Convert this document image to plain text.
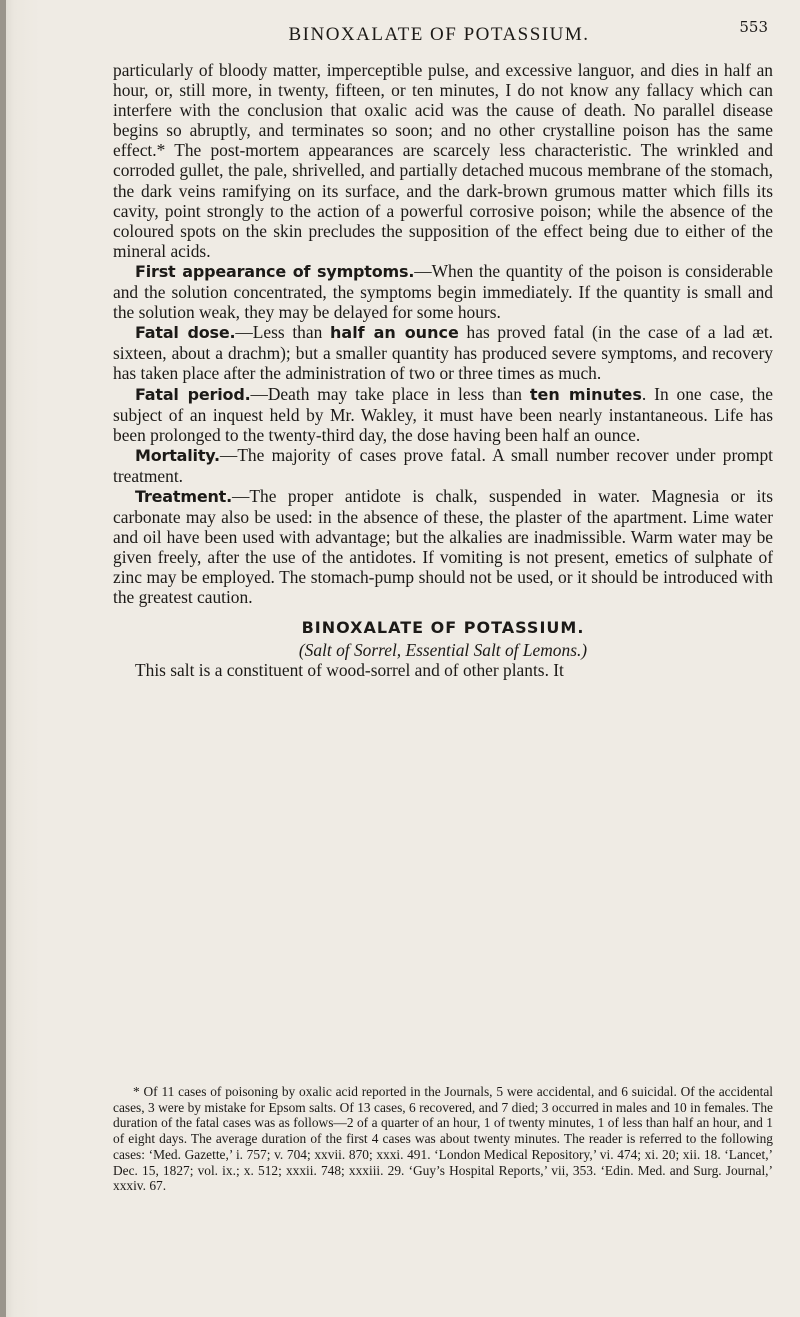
BINOXALATE OF POTASSIUM.	553

particularly of bloody matter, imperceptible pulse, and excessive languor, and dies in half an hour, or, still more, in twenty, fifteen, or ten minutes, I do not know any fallacy which can interfere with the conclusion that oxalic acid was the cause of death. No parallel disease begins so abruptly, and terminates so soon; and no other crystalline poison has the same effect.* The post-mortem appearances are scarcely less characteristic. The wrinkled and corroded gullet, the pale, shrivelled, and partially detached mucous membrane of the stomach, the dark veins ramifying on its surface, and the dark-brown grumous matter which fills its cavity, point strongly to the action of a powerful corrosive poison; while the absence of the coloured spots on the skin precludes the supposition of the effect being due to either of the mineral acids.

First appearance of symptoms.—When the quantity of the poison is considerable and the solution concentrated, the symptoms begin immediately. If the quantity is small and the solution weak, they may be delayed for some hours.

Fatal dose.—Less than half an ounce has proved fatal (in the case of a lad æt. sixteen, about a drachm); but a smaller quantity has produced severe symptoms, and recovery has taken place after the administration of two or three times as much.

Fatal period.—Death may take place in less than ten minutes. In one case, the subject of an inquest held by Mr. Wakley, it must have been nearly instantaneous. Life has been prolonged to the twenty-third day, the dose having been half an ounce.

Mortality.—The majority of cases prove fatal. A small number recover under prompt treatment.

Treatment.—The proper antidote is chalk, suspended in water. Magnesia or its carbonate may also be used: in the absence of these, the plaster of the apartment. Lime water and oil have been used with advantage; but the alkalies are inadmissible. Warm water may be given freely, after the use of the antidotes. If vomiting is not present, emetics of sulphate of zinc may be employed. The stomach-pump should not be used, or it should be introduced with the greatest caution.

BINOXALATE OF POTASSIUM.
(Salt of Sorrel, Essential Salt of Lemons.)

This salt is a constituent of wood-sorrel and of other plants. It

* Of 11 cases of poisoning by oxalic acid reported in the Journals, 5 were accidental, and 6 suicidal. Of the accidental cases, 3 were by mistake for Epsom salts. Of 13 cases, 6 recovered, and 7 died; 3 occurred in males and 10 in females. The duration of the fatal cases was as follows—2 of a quarter of an hour, 1 of twenty minutes, 1 of less than half an hour, and 1 of eight days. The average duration of the first 4 cases was about twenty minutes. The reader is referred to the following cases: ‘Med. Gazette,’ i. 757; v. 704; xxvii. 870; xxxi. 491. ‘London Medical Repository,’ vi. 474; xi. 20; xii. 18. ‘Lancet,’ Dec. 15, 1827; vol. ix.; x. 512; xxxii. 748; xxxiii. 29. ‘Guy’s Hospital Reports,’ vii, 353. ‘Edin. Med. and Surg. Journal,’ xxxiv. 67.
